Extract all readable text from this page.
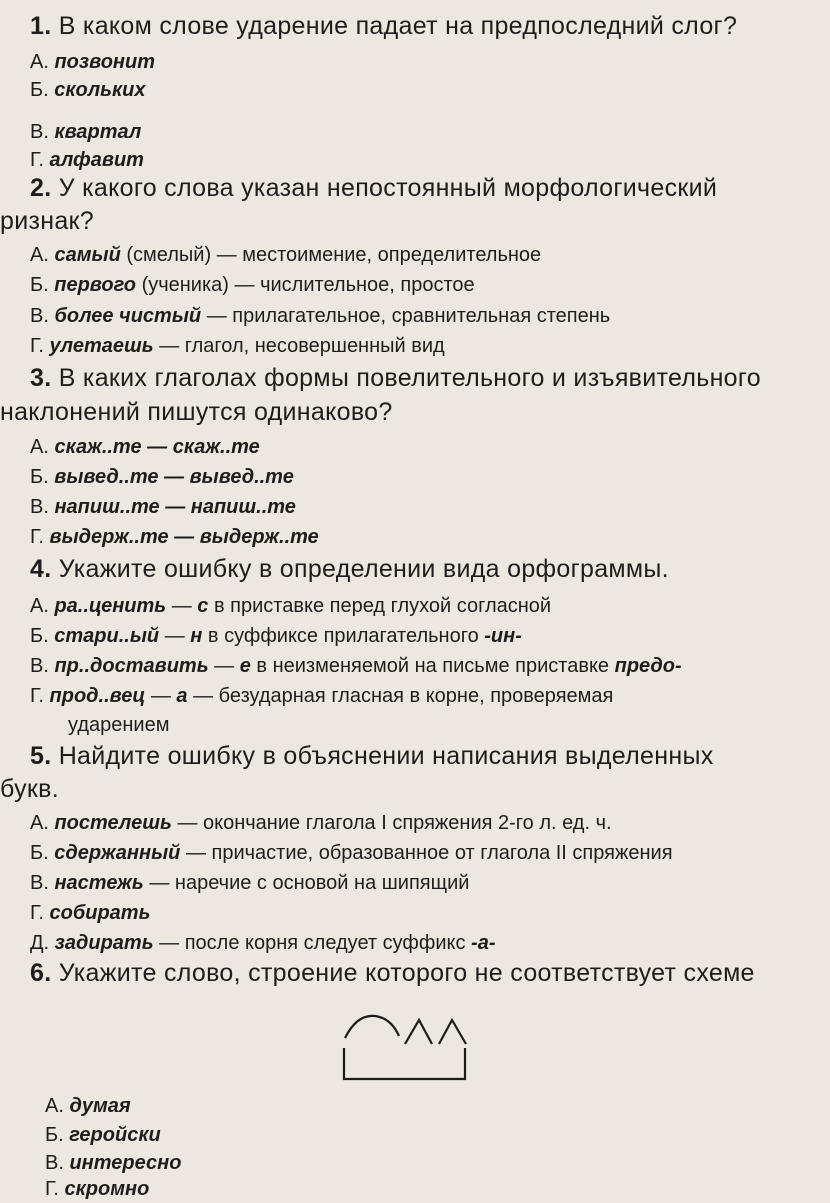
1. В каком слове ударение падает на предпоследний слог?
А. позвонит
Б. скольких
В. квартал
Г. алфавит
2. У какого слова указан непостоянный морфологический
ризнак?
А. самый (смелый) — местоимение, определительное
Б. первого (ученика) — числительное, простое
В. более чистый — прилагательное, сравнительная степень
Г. улетаешь — глагол, несовершенный вид
3. В каких глаголах формы повелительного и изъявительного
наклонений пишутся одинаково?
А. скаж..те — скаж..те
Б. вывед..те — вывед..те
В. напиш..те — напиш..те
Г. выдерж..те — выдерж..те
4. Укажите ошибку в определении вида орфограммы.
А. ра..ценить — с в приставке перед глухой согласной
Б. стари..ый — н в суффиксе прилагательного -ин-
В. пр..доставить — е в неизменяемой на письме приставке предо-
Г. прод..вец — а — безударная гласная в корне, проверяемая
ударением
5. Найдите ошибку в объяснении написания выделенных
букв.
А. постелешь — окончание глагола I спряжения 2-го л. ед. ч.
Б. сдержанный — причастие, образованное от глагола II спряжения
В. настежь — наречие с основой на шипящий
Г. собирать
Д. задирать — после корня следует суффикс -а-
6. Укажите слово, строение которого не соответствует схеме
А. думая
Б. геройски
В. интересно
Г. скромно
